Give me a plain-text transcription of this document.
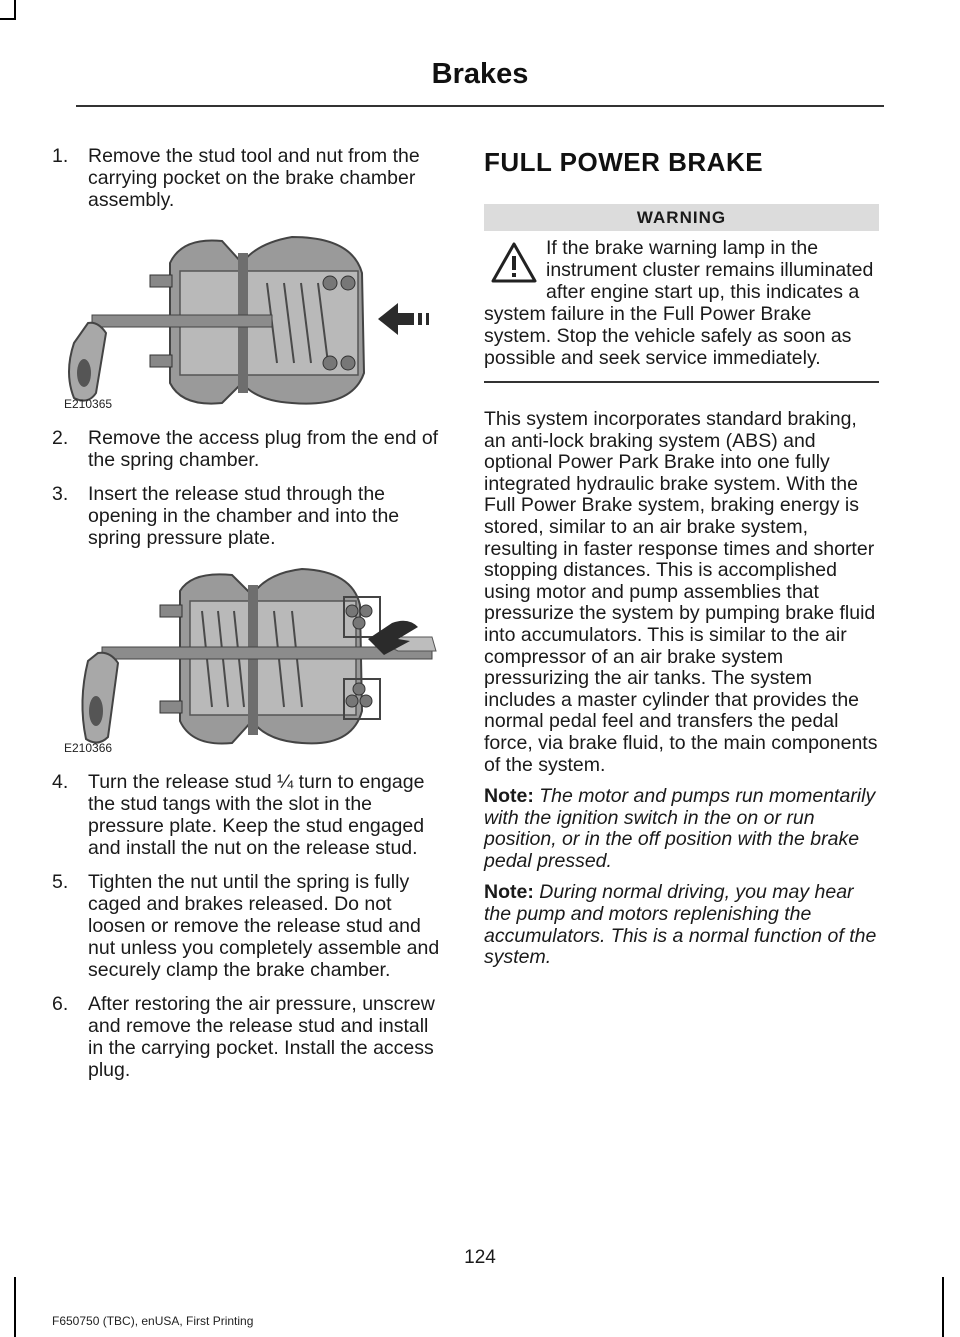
Brakes
1. Remove the stud tool and nut from the carrying pocket on the brake chamber assembly.
E210365
2. Remove the access plug from the end of the spring chamber.
3. Insert the release stud through the opening in the chamber and into the spring pressure plate.
E210366
4. Turn the release stud ¼ turn to engage the stud tangs with the slot in the pressure plate. Keep the stud engaged and install the nut on the release stud.
5. Tighten the nut until the spring is fully caged and brakes released. Do not loosen or remove the release stud and nut unless you completely assemble and securely clamp the brake chamber.
6. After restoring the air pressure, unscrew and remove the release stud and install in the carrying pocket. Install the access plug.
FULL POWER BRAKE
WARNING
If the brake warning lamp in the instrument cluster remains illuminated after engine start up, this indicates a system failure in the Full Power Brake system. Stop the vehicle safely as soon as possible and seek service immediately.
This system incorporates standard braking, an anti-lock braking system (ABS) and optional Power Park Brake into one fully integrated hydraulic brake system. With the Full Power Brake system, braking energy is stored, similar to an air brake system, resulting in faster response times and shorter stopping distances. This is accomplished using motor and pump assemblies that pressurize the system by pumping brake fluid into accumulators. This is similar to the air compressor of an air brake system pressurizing the air tanks. The system includes a master cylinder that provides the normal pedal feel and transfers the pedal force, via brake fluid, to the main components of the system.
Note: The motor and pumps run momentarily with the ignition switch in the on or run position, or in the off position with the brake pedal pressed.
Note: During normal driving, you may hear the pump and motors replenishing the accumulators. This is a normal function of the system.
124
F650750 (TBC), enUSA, First Printing
